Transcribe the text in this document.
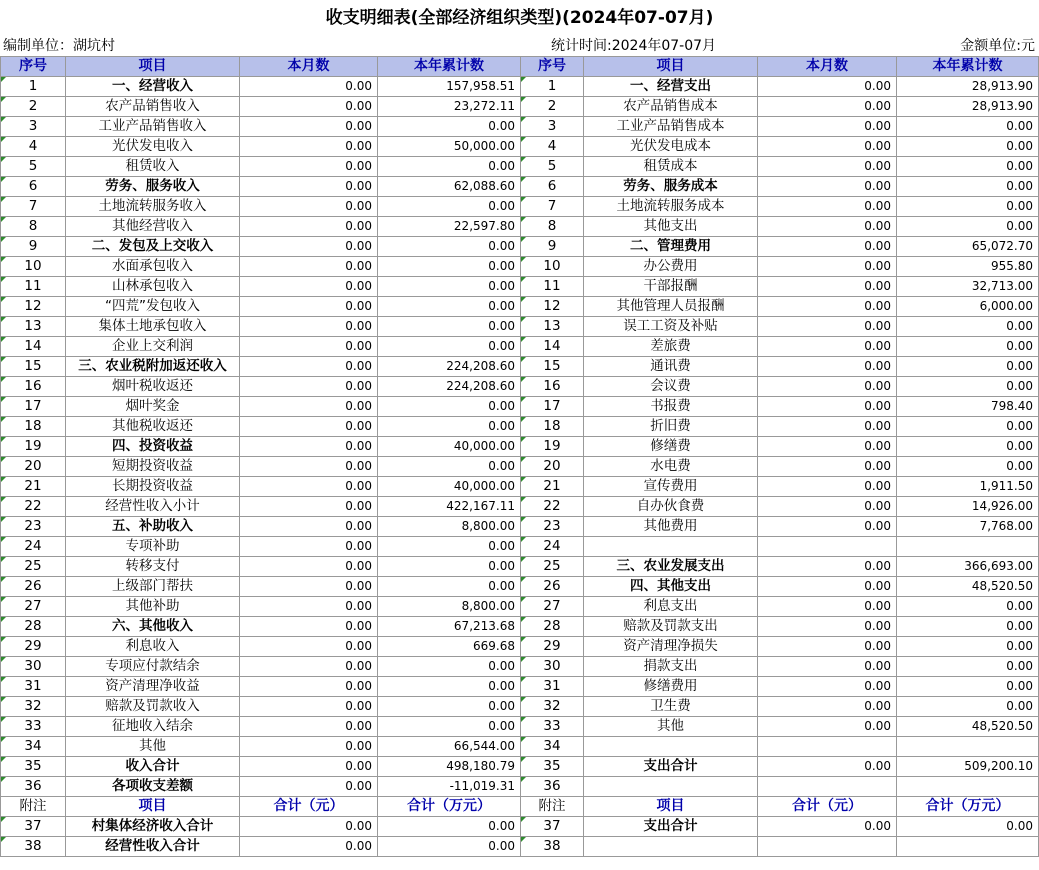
收支明细表(全部经济组织类型)(2024年07-07月)
编制单位：湖坑村	统计时间:2024年07-07月	金额单位:元
序号	项目	本月数	本年累计数	序号	项目	本月数	本年累计数
1	一、经营收入	0.00	157,958.51	1	一、经营支出	0.00	28,913.90
2	农产品销售收入	0.00	23,272.11	2	农产品销售成本	0.00	28,913.90
3	工业产品销售收入	0.00	0.00	3	工业产品销售成本	0.00	0.00
4	光伏发电收入	0.00	50,000.00	4	光伏发电成本	0.00	0.00
5	租赁收入	0.00	0.00	5	租赁成本	0.00	0.00
6	劳务、服务收入	0.00	62,088.60	6	劳务、服务成本	0.00	0.00
7	土地流转服务收入	0.00	0.00	7	土地流转服务成本	0.00	0.00
8	其他经营收入	0.00	22,597.80	8	其他支出	0.00	0.00
9	二、发包及上交收入	0.00	0.00	9	二、管理费用	0.00	65,072.70
10	水面承包收入	0.00	0.00	10	办公费用	0.00	955.80
11	山林承包收入	0.00	0.00	11	干部报酬	0.00	32,713.00
12	“四荒”发包收入	0.00	0.00	12	其他管理人员报酬	0.00	6,000.00
13	集体土地承包收入	0.00	0.00	13	误工工资及补贴	0.00	0.00
14	企业上交利润	0.00	0.00	14	差旅费	0.00	0.00
15	三、农业税附加返还收入	0.00	224,208.60	15	通讯费	0.00	0.00
16	烟叶税收返还	0.00	224,208.60	16	会议费	0.00	0.00
17	烟叶奖金	0.00	0.00	17	书报费	0.00	798.40
18	其他税收返还	0.00	0.00	18	折旧费	0.00	0.00
19	四、投资收益	0.00	40,000.00	19	修缮费	0.00	0.00
20	短期投资收益	0.00	0.00	20	水电费	0.00	0.00
21	长期投资收益	0.00	40,000.00	21	宣传费用	0.00	1,911.50
22	经营性收入小计	0.00	422,167.11	22	自办伙食费	0.00	14,926.00
23	五、补助收入	0.00	8,800.00	23	其他费用	0.00	7,768.00
24	专项补助	0.00	0.00	24			
25	转移支付	0.00	0.00	25	三、农业发展支出	0.00	366,693.00
26	上级部门帮扶	0.00	0.00	26	四、其他支出	0.00	48,520.50
27	其他补助	0.00	8,800.00	27	利息支出	0.00	0.00
28	六、其他收入	0.00	67,213.68	28	赔款及罚款支出	0.00	0.00
29	利息收入	0.00	669.68	29	资产清理净损失	0.00	0.00
30	专项应付款结余	0.00	0.00	30	捐款支出	0.00	0.00
31	资产清理净收益	0.00	0.00	31	修缮费用	0.00	0.00
32	赔款及罚款收入	0.00	0.00	32	卫生费	0.00	0.00
33	征地收入结余	0.00	0.00	33	其他	0.00	48,520.50
34	其他	0.00	66,544.00	34			
35	收入合计	0.00	498,180.79	35	支出合计	0.00	509,200.10
36	各项收支差额	0.00	-11,019.31	36			
附注	项目	合计（元）	合计（万元）	附注	项目	合计（元）	合计（万元）
37	村集体经济收入合计	0.00	0.00	37	支出合计	0.00	0.00
38	经营性收入合计	0.00	0.00	38			
